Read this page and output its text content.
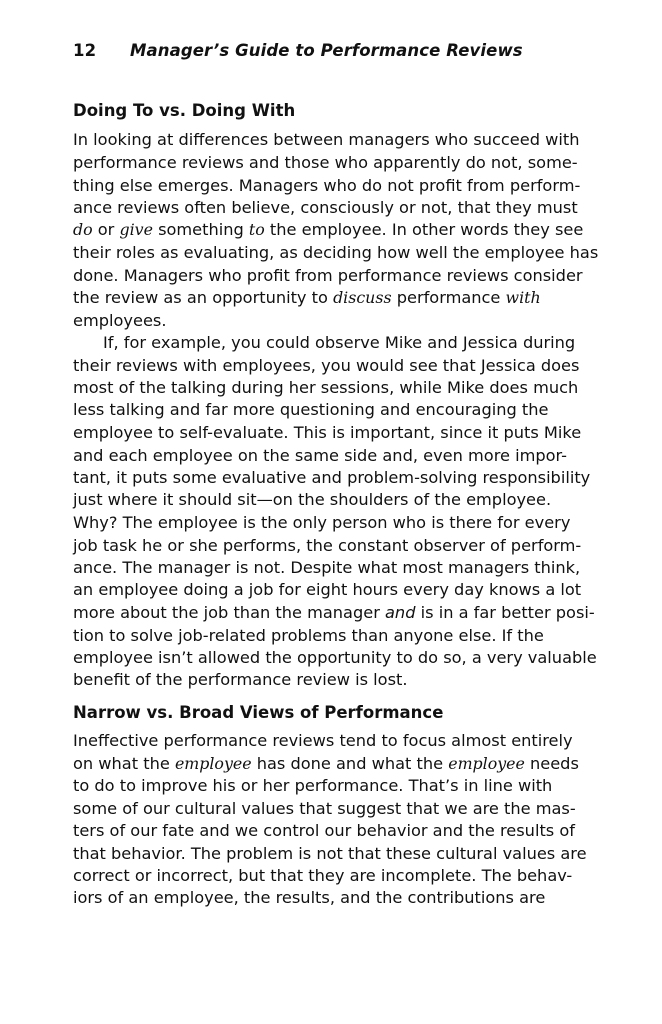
12 Manager’s Guide to Performance Reviews
Doing To vs. Doing With
In looking at differences between managers who succeed with
performance reviews and those who apparently do not, some-
thing else emerges. Managers who do not profit from perform-
ance reviews often believe, consciously or not, that they must
do or give something to the employee. In other words they see
their roles as evaluating, as deciding how well the employee has
done. Managers who profit from performance reviews consider
the review as an opportunity to discuss performance with
employees.
If, for example, you could observe Mike and Jessica during
their reviews with employees, you would see that Jessica does
most of the talking during her sessions, while Mike does much
less talking and far more questioning and encouraging the
employee to self-evaluate. This is important, since it puts Mike
and each employee on the same side and, even more impor-
tant, it puts some evaluative and problem-solving responsibility
just where it should sit—on the shoulders of the employee.
Why? The employee is the only person who is there for every
job task he or she performs, the constant observer of perform-
ance. The manager is not. Despite what most managers think,
an employee doing a job for eight hours every day knows a lot
more about the job than the manager and is in a far better posi-
tion to solve job-related problems than anyone else. If the
employee isn’t allowed the opportunity to do so, a very valuable
benefit of the performance review is lost.
Narrow vs. Broad Views of Performance
Ineffective performance reviews tend to focus almost entirely
on what the employee has done and what the employee needs
to do to improve his or her performance. That’s in line with
some of our cultural values that suggest that we are the mas-
ters of our fate and we control our behavior and the results of
that behavior. The problem is not that these cultural values are
correct or incorrect, but that they are incomplete. The behav-
iors of an employee, the results, and the contributions are
